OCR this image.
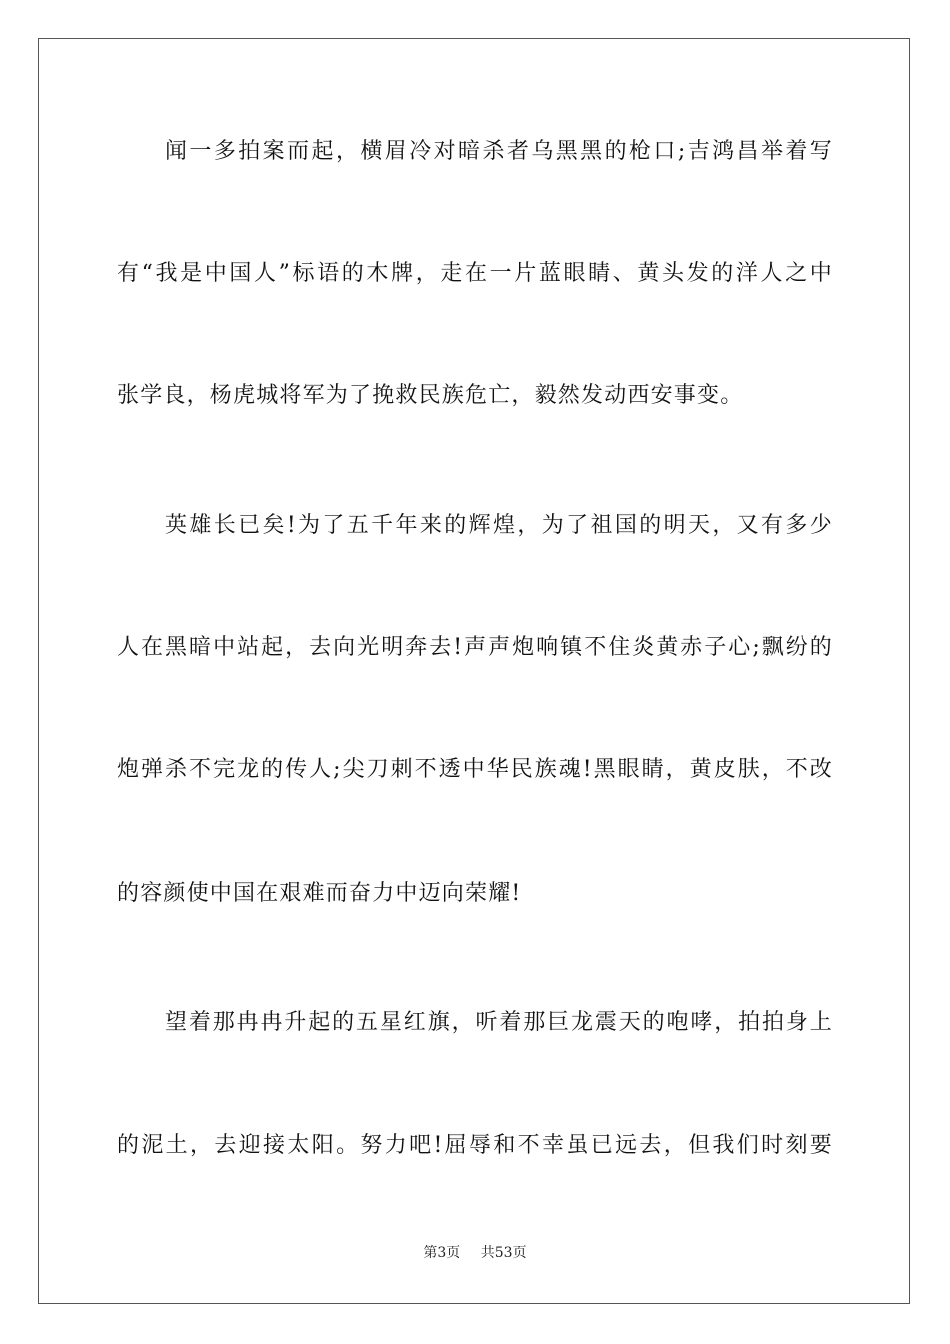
闻一多拍案而起，横眉冷对暗杀者乌黑黑的枪口;吉鸿昌举着写
有“我是中国人”标语的木牌，走在一片蓝眼睛、黄头发的洋人之中
张学良，杨虎城将军为了挽救民族危亡，毅然发动西安事变。
英雄长已矣!为了五千年来的辉煌，为了祖国的明天，又有多少
人在黑暗中站起，去向光明奔去!声声炮响镇不住炎黄赤子心;飘纷的
炮弹杀不完龙的传人;尖刀刺不透中华民族魂!黑眼睛，黄皮肤，不改
的容颜使中国在艰难而奋力中迈向荣耀!
望着那冉冉升起的五星红旗，听着那巨龙震天的咆哮，拍拍身上
的泥土，去迎接太阳。努力吧!屈辱和不幸虽已远去，但我们时刻要
第3页 共53页
